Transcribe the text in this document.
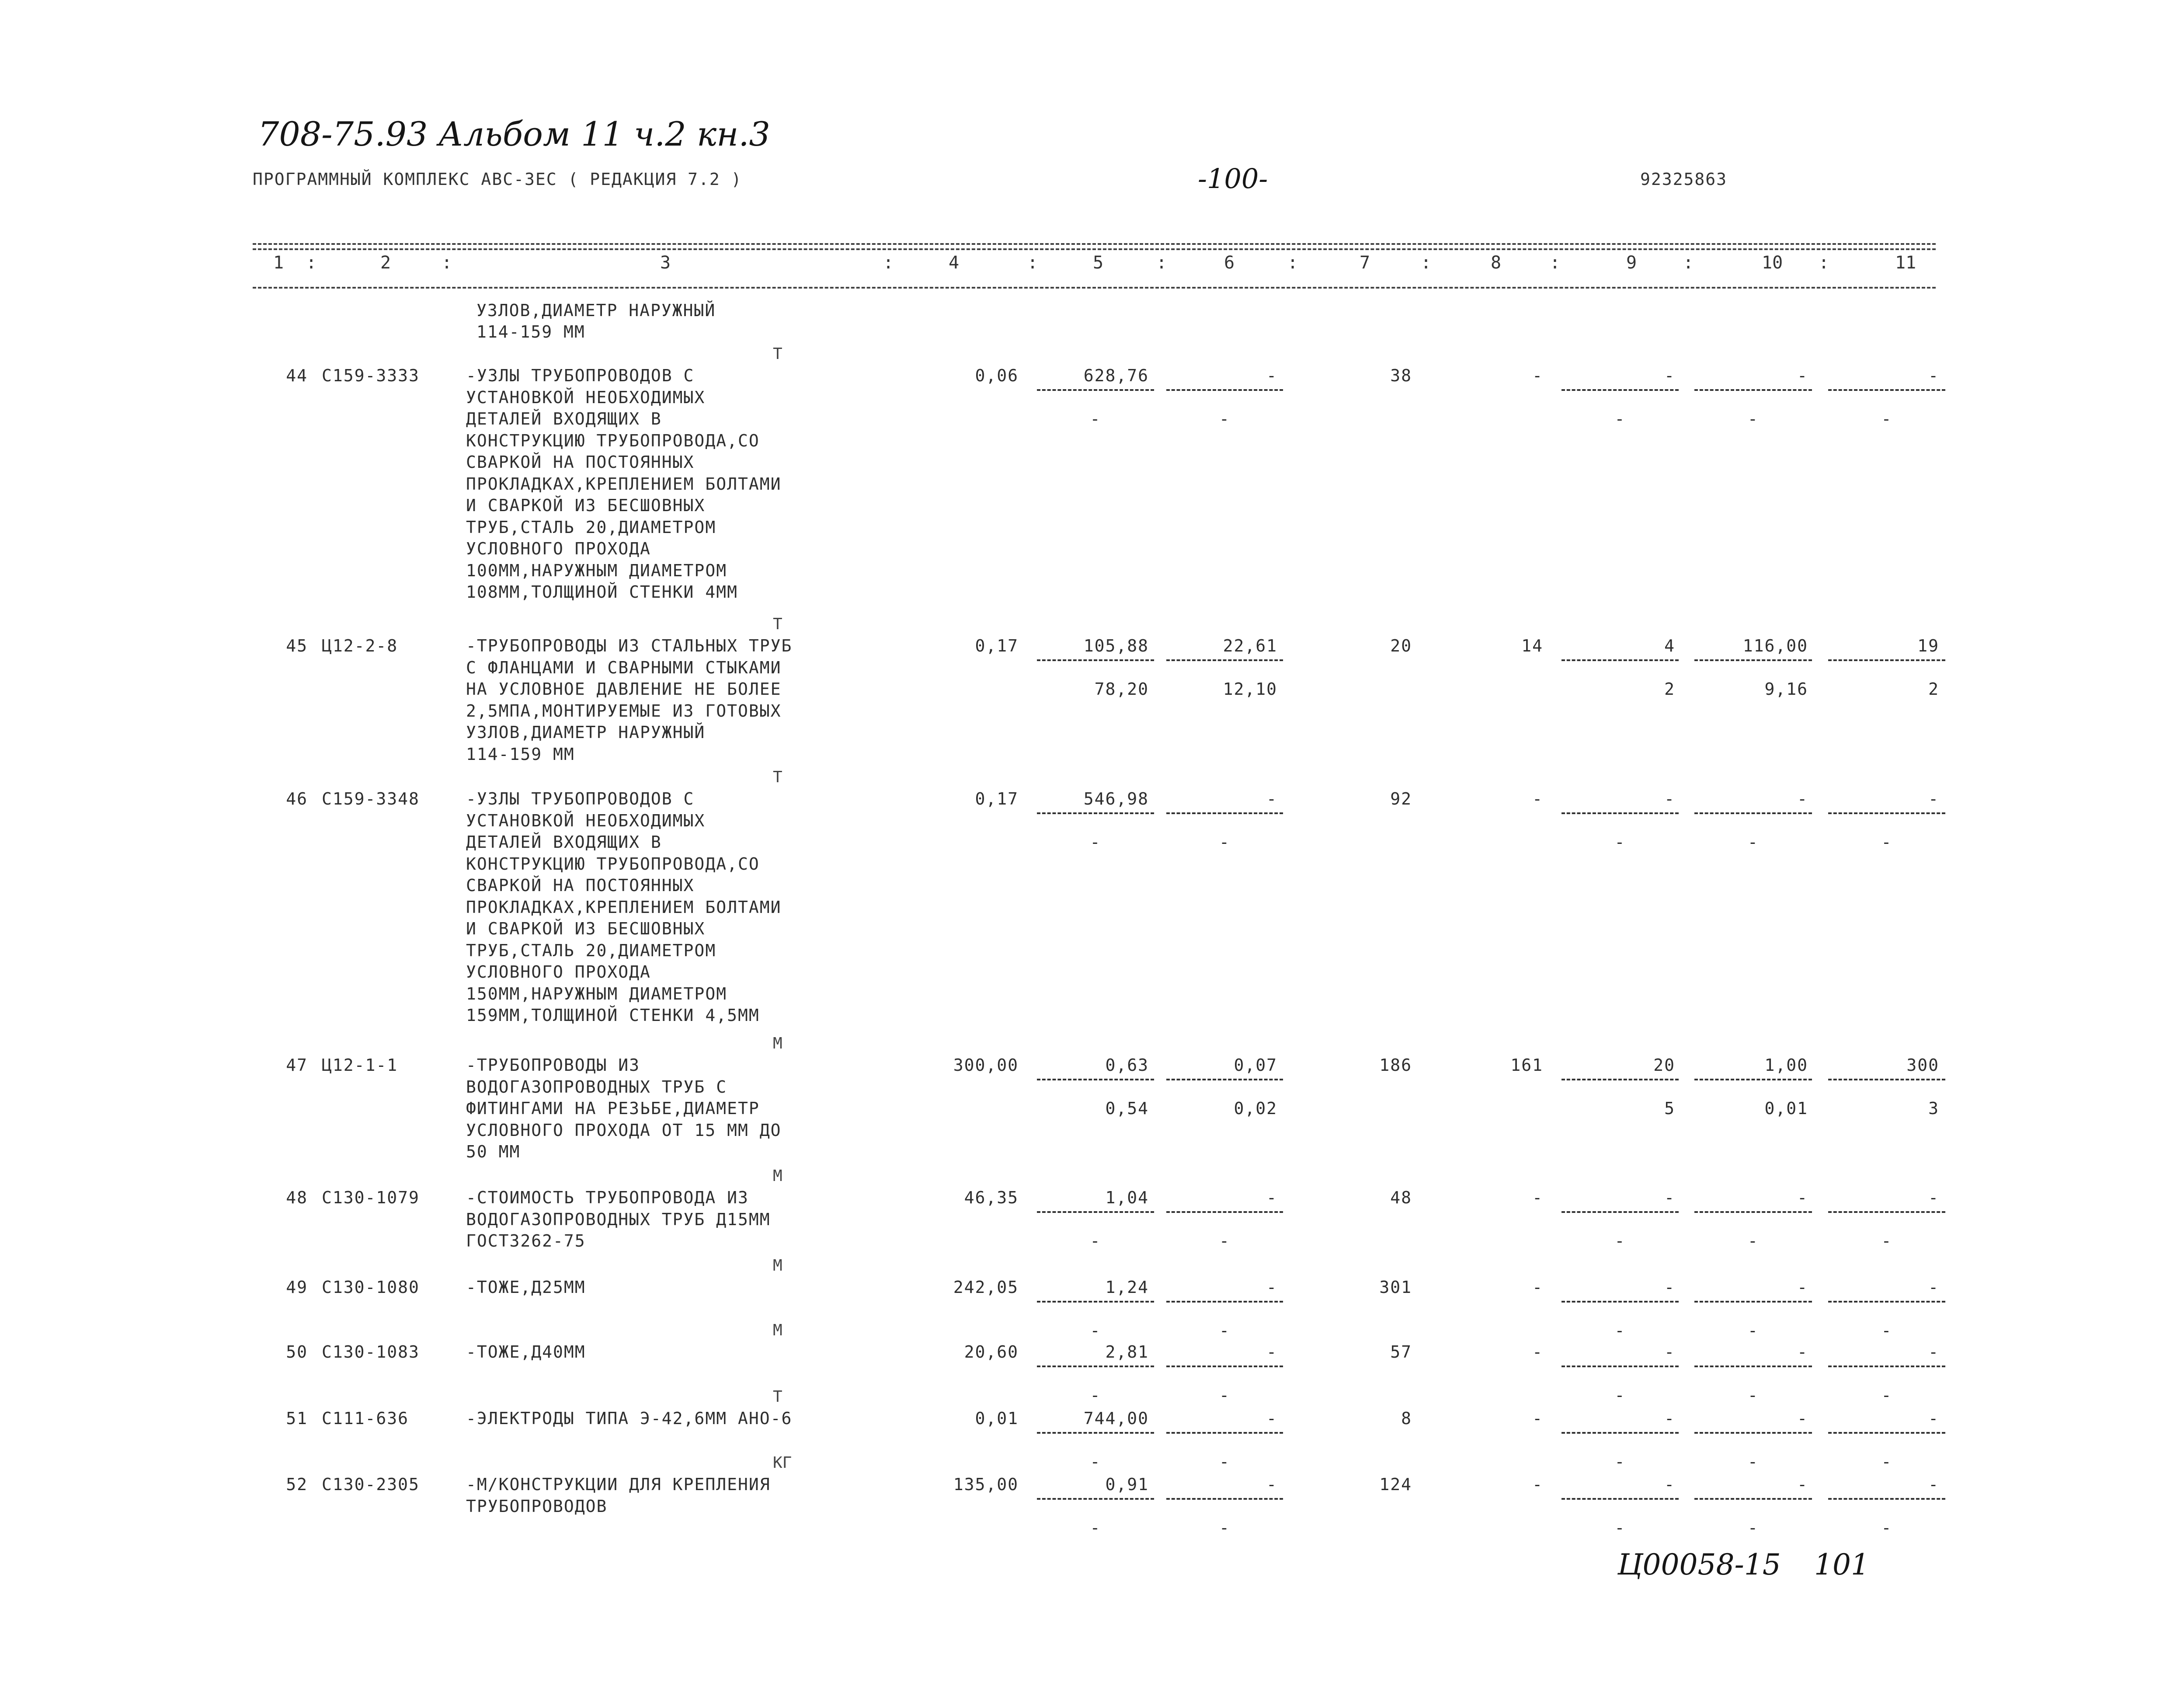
708-75.93 Альбом 11 ч.2 кн.3
ПРОГРАММНЫЙ КОМПЛЕКС АВС-3ЕС ( РЕДАКЦИЯ 7.2 )	-100-	92325863
1	2	3	4	5	6	7	8	9	10	11
:	:	:	:	:	:	:	:	:	:
УЗЛОВ,ДИАМЕТР НАРУЖНЫЙ
114-159 ММ
Т
44 С159-3333	-УЗЛЫ ТРУБОПРОВОДОВ С
УСТАНОВКОЙ НЕОБХОДИМЫХ
ДЕТАЛЕЙ ВХОДЯЩИХ В
КОНСТРУКЦИЮ ТРУБОПРОВОДА,СО
СВАРКОЙ НА ПОСТОЯННЫХ
ПРОКЛАДКАХ,КРЕПЛЕНИЕМ БОЛТАМИ
И СВАРКОЙ ИЗ БЕСШОВНЫХ
ТРУБ,СТАЛЬ 20,ДИАМЕТРОМ
УСЛОВНОГО ПРОХОДА
100ММ,НАРУЖНЫМ ДИАМЕТРОМ
108ММ,ТОЛЩИНОЙ СТЕНКИ 4ММ
0,06	628,76	-	38	-	-	-	-
-	-	-	-	-
Т
45 Ц12-2-8	-ТРУБОПРОВОДЫ ИЗ СТАЛЬНЫХ ТРУБ
С ФЛАНЦАМИ И СВАРНЫМИ СТЫКАМИ
НА УСЛОВНОЕ ДАВЛЕНИЕ НЕ БОЛЕЕ
2,5МПА,МОНТИРУЕМЫЕ ИЗ ГОТОВЫХ
УЗЛОВ,ДИАМЕТР НАРУЖНЫЙ
114-159 ММ
0,17	105,88	22,61	20	14	4	116,00	19
78,20	12,10	2	9,16	2
Т
46 С159-3348	-УЗЛЫ ТРУБОПРОВОДОВ С
УСТАНОВКОЙ НЕОБХОДИМЫХ
ДЕТАЛЕЙ ВХОДЯЩИХ В
КОНСТРУКЦИЮ ТРУБОПРОВОДА,СО
СВАРКОЙ НА ПОСТОЯННЫХ
ПРОКЛАДКАХ,КРЕПЛЕНИЕМ БОЛТАМИ
И СВАРКОЙ ИЗ БЕСШОВНЫХ
ТРУБ,СТАЛЬ 20,ДИАМЕТРОМ
УСЛОВНОГО ПРОХОДА
150ММ,НАРУЖНЫМ ДИАМЕТРОМ
159ММ,ТОЛЩИНОЙ СТЕНКИ 4,5ММ
0,17	546,98	-	92	-	-	-	-
-	-	-	-	-
М
47 Ц12-1-1	-ТРУБОПРОВОДЫ ИЗ
ВОДОГАЗОПРОВОДНЫХ ТРУБ С
ФИТИНГАМИ НА РЕЗЬБЕ,ДИАМЕТР
УСЛОВНОГО ПРОХОДА ОТ 15 ММ ДО
50 ММ
300,00	0,63	0,07	186	161	20	1,00	300
0,54	0,02	5	0,01	3
М
48 С130-1079	-СТОИМОСТЬ ТРУБОПРОВОДА ИЗ
ВОДОГАЗОПРОВОДНЫХ ТРУБ Д15ММ
ГОСТ3262-75
46,35	1,04	-	48	-	-	-	-
-	-	-	-	-
М
49 С130-1080	-ТОЖЕ,Д25ММ	242,05	1,24	-	301	-	-	-	-
-	-	-	-	-
М
50 С130-1083	-ТОЖЕ,Д40ММ	20,60	2,81	-	57	-	-	-	-
-	-	-	-	-
Т
51 С111-636	-ЭЛЕКТРОДЫ ТИПА Э-42,6ММ АНО-6	0,01	744,00	-	8	-	-	-	-
-	-	-	-	-
КГ
52 С130-2305	-М/КОНСТРУКЦИИ ДЛЯ КРЕПЛЕНИЯ
ТРУБОПРОВОДОВ
135,00	0,91	-	124	-	-	-	-
-	-	-	-	-
Ц00058-15 101
